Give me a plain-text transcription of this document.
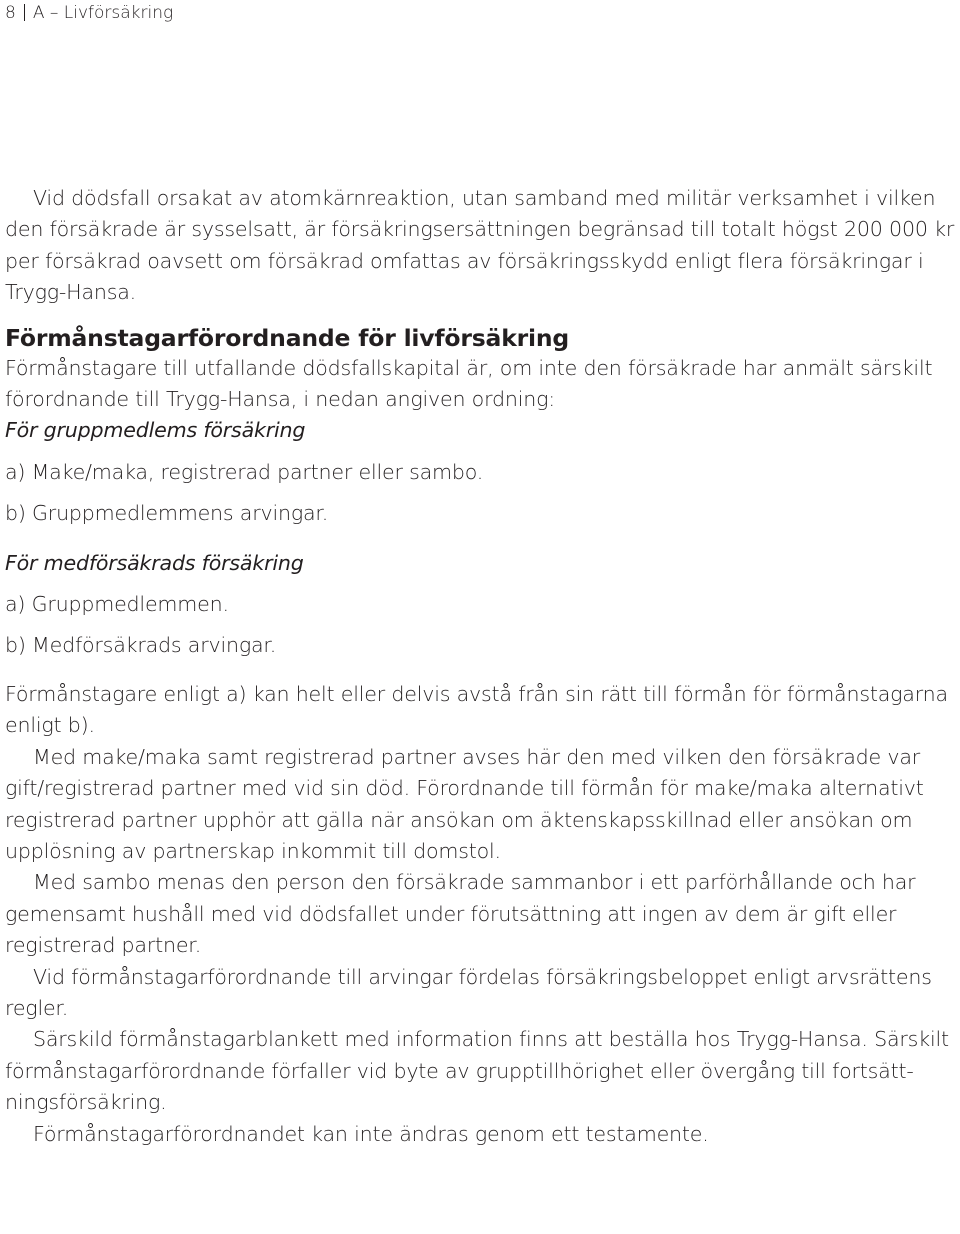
8 A – Livförsäkring

Vid dödsfall orsakat av atomkärnreaktion, utan samband med militär verksamhet i vilken den försäkrade är sysselsatt, är försäkringsersättningen begränsad till totalt högst 200 000 kr per försäkrad oavsett om försäkrad omfattas av försäkringsskydd enligt flera försäkringar i Trygg-Hansa.

Förmånstagarförordnande för livförsäkring

Förmånstagare till utfallande dödsfallskapital är, om inte den försäkrade har anmält särskilt förordnande till Trygg-Hansa, i nedan angiven ordning:

För gruppmedlems försäkring

a) Make/maka, registrerad partner eller sambo.

b) Gruppmedlemmens arvingar.

För medförsäkrads försäkring

a) Gruppmedlemmen.

b) Medförsäkrads arvingar.

Förmånstagare enligt a) kan helt eller delvis avstå från sin rätt till förmån för förmånstagarna enligt b).

Med make/maka samt registrerad partner avses här den med vilken den försäkrade var gift/registrerad partner med vid sin död. Förordnande till förmån för make/maka alternativt registrerad partner upphör att gälla när ansökan om äktenskapsskillnad eller ansökan om upplösning av partnerskap inkommit till domstol.

Med sambo menas den person den försäkrade sammanbor i ett parförhållande och har gemensamt hushåll med vid dödsfallet under förutsättning att ingen av dem är gift eller registrerad partner.

Vid förmånstagarförordnande till arvingar fördelas försäkringsbeloppet enligt arvsrättens regler.

Särskild förmånstagarblankett med information finns att beställa hos Trygg-Hansa. Särskilt förmånstagarförordnande förfaller vid byte av grupptillhörighet eller övergång till fortsätt-ningsförsäkring.

Förmånstagarförordnandet kan inte ändras genom ett testamente.
